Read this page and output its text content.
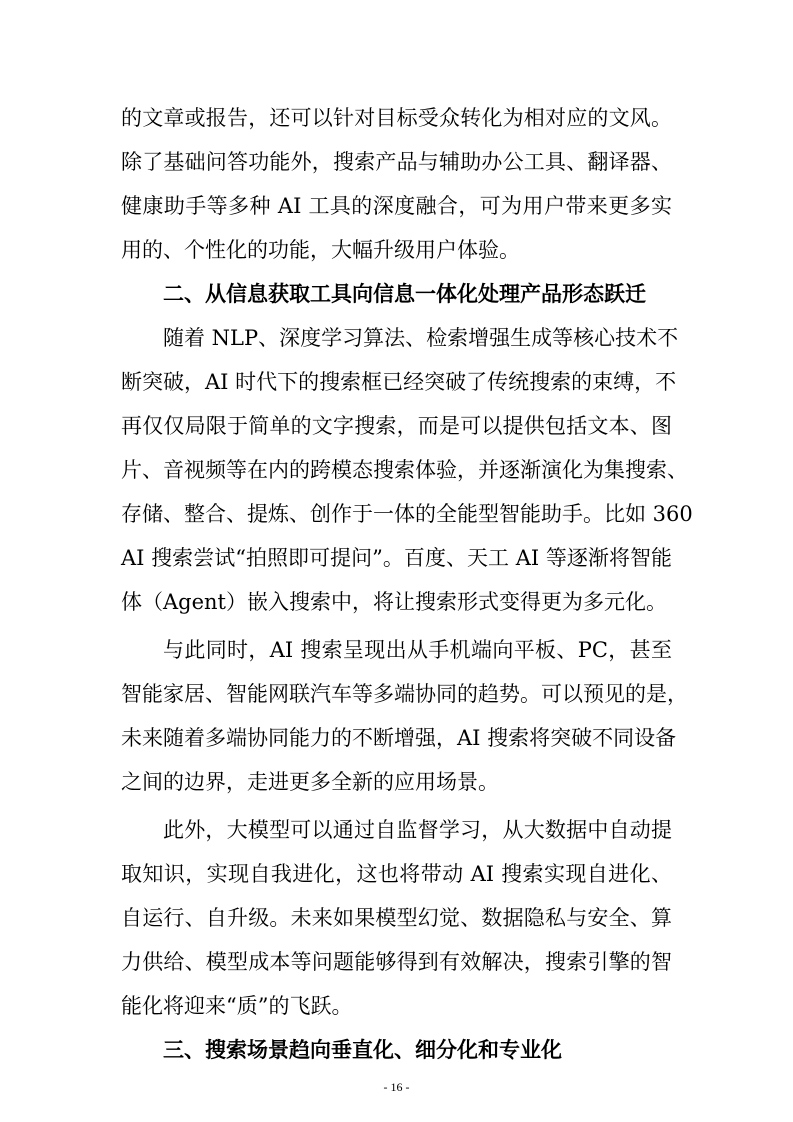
的文章或报告，还可以针对目标受众转化为相对应的文风。
除了基础问答功能外，搜索产品与辅助办公工具、翻译器、
健康助手等多种 AI 工具的深度融合，可为用户带来更多实
用的、个性化的功能，大幅升级用户体验。
二、从信息获取工具向信息一体化处理产品形态跃迁
随着 NLP、深度学习算法、检索增强生成等核心技术不
断突破，AI 时代下的搜索框已经突破了传统搜索的束缚，不
再仅仅局限于简单的文字搜索，而是可以提供包括文本、图
片、音视频等在内的跨模态搜索体验，并逐渐演化为集搜索、
存储、整合、提炼、创作于一体的全能型智能助手。比如 360
AI 搜索尝试“拍照即可提问”。百度、天工 AI 等逐渐将智能
体（Agent）嵌入搜索中，将让搜索形式变得更为多元化。
与此同时，AI 搜索呈现出从手机端向平板、PC，甚至
智能家居、智能网联汽车等多端协同的趋势。可以预见的是，
未来随着多端协同能力的不断增强，AI 搜索将突破不同设备
之间的边界，走进更多全新的应用场景。
此外，大模型可以通过自监督学习，从大数据中自动提
取知识，实现自我进化，这也将带动 AI 搜索实现自进化、
自运行、自升级。未来如果模型幻觉、数据隐私与安全、算
力供给、模型成本等问题能够得到有效解决，搜索引擎的智
能化将迎来“质”的飞跃。
三、搜索场景趋向垂直化、细分化和专业化
- 16 -
